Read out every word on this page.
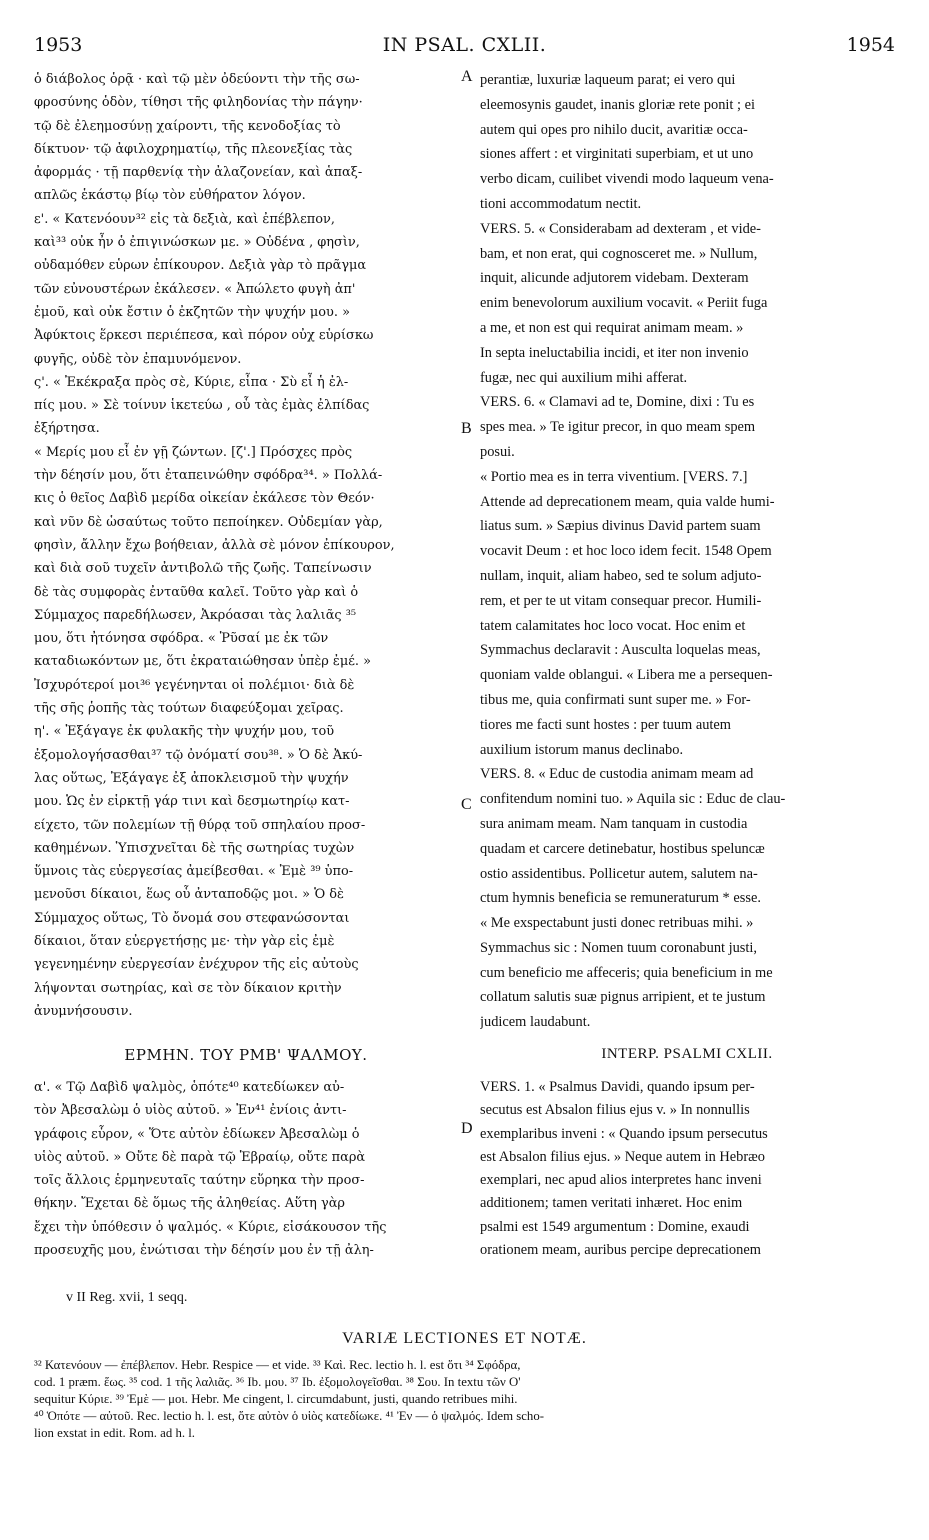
1953	IN PSAL. CXLII.	1954
ὁ διάβολος ὁρᾷ · καὶ τῷ μὲν ὀδεύοντι τὴν τῆς σω-
φροσύνης ὁδὸν, τίθησι τῆς φιληδονίας τὴν πάγην·
τῷ δὲ ἐλεημοσύνῃ χαίροντι, τῆς κενοδοξίας τὸ
δίκτυον· τῷ ἀφιλοχρηματίῳ, τῆς πλεονεξίας τὰς
ἀφορμάς · τῇ παρθενίᾳ τὴν ἀλαζονείαν, καὶ ἁπαξ-
απλῶς ἑκάστῳ βίῳ τὸν εὐθήρατον λόγον.
ε'. « Κατενόουν³² εἰς τὰ δεξιὰ, καὶ ἐπέβλεπον,
καὶ³³ οὐκ ἦν ὁ ἐπιγινώσκων με. » Οὐδένα , φησὶν,
οὐδαμόθεν εὑρων ἐπίκουρον. Δεξιὰ γὰρ τὸ πρᾶγμα
τῶν εὐνουστέρων ἐκάλεσεν. « Ἀπώλετο φυγὴ ἀπ'
ἐμοῦ, καὶ οὐκ ἔστιν ὁ ἐκζητῶν τὴν ψυχήν μου. »
Ἀφύκτοις ἕρκεσι περιέπεσα, καὶ πόρον οὐχ εὑρίσκω
φυγῆς, οὐδὲ τὸν ἐπαμυνόμενον.
ς'. « Ἐκέκραξα πρὸς σὲ, Κύριε, εἶπα · Σὺ εἶ ἡ ἐλ-
πίς μου. » Σὲ τοίνυν ἱκετεύω , οὗ τὰς ἐμὰς ἐλπίδας
ἐξήρτησα.
« Μερίς μου εἶ ἐν γῇ ζώντων. [ζ'.] Πρόσχες πρὸς
τὴν δέησίν μου, ὅτι ἐταπεινώθην σφόδρα³⁴. » Πολλά-
κις ὁ θεῖος Δαβὶδ μερίδα οἰκείαν ἐκάλεσε τὸν Θεόν·
καὶ νῦν δὲ ὡσαύτως τοῦτο πεποίηκεν. Οὐδεμίαν γὰρ,
φησὶν, ἄλλην ἔχω βοήθειαν, ἀλλὰ σὲ μόνον ἐπίκουρον,
καὶ διὰ σοῦ τυχεῖν ἀντιβολῶ τῆς ζωῆς. Ταπείνωσιν
δὲ τὰς συμφορὰς ἐνταῦθα καλεῖ. Τοῦτο γὰρ καὶ ὁ
Σύμμαχος παρεδήλωσεν, Ἀκρόασαι τὰς λαλιᾶς ³⁵
μου, ὅτι ἠτόνησα σφόδρα. « Ῥῦσαί με ἐκ τῶν
καταδιωκόντων με, ὅτι ἐκραταιώθησαν ὑπὲρ ἐμέ. »
Ἰσχυρότεροί μοι³⁶ γεγένηνται οἱ πολέμιοι· διὰ δὲ
τῆς σῆς ῥοπῆς τὰς τούτων διαφεύξομαι χεῖρας.
η'. « Ἐξάγαγε ἐκ φυλακῆς τὴν ψυχήν μου, τοῦ
ἐξομολογήσασθαι³⁷ τῷ ὀνόματί σου³⁸. » Ὁ δὲ Ἀκύ-
λας οὕτως, Ἐξάγαγε ἐξ ἀποκλεισμοῦ τὴν ψυχήν
μου. Ὡς ἐν εἱρκτῇ γάρ τινι καὶ δεσμωτηρίῳ κατ-
είχετο, τῶν πολεμίων τῇ θύρᾳ τοῦ σπηλαίου προσ-
καθημένων. Ὑπισχνεῖται δὲ τῆς σωτηρίας τυχὼν
ὕμνοις τὰς εὐεργεσίας ἀμείβεσθαι. « Ἐμὲ ³⁹ ὑπο-
μενοῦσι δίκαιοι, ἕως οὗ ἀνταποδῷς μοι. » Ὁ δὲ
Σύμμαχος οὕτως, Τὸ ὄνομά σου στεφανώσονται
δίκαιοι, ὅταν εὐεργετήσῃς με· τὴν γὰρ εἰς ἐμὲ
γεγενημένην εὐεργεσίαν ἐνέχυρον τῆς εἰς αὐτοὺς
λήψονται σωτηρίας, καὶ σε τὸν δίκαιον κριτὴν
ἀνυμνήσουσιν.
perantiæ, luxuriæ laqueum parat; ei vero qui
eleemosynis gaudet, inanis gloriæ rete ponit ; ei
autem qui opes pro nihilo ducit, avaritiæ occa-
siones affert : et virginitati superbiam, et ut uno
verbo dicam, cuilibet vivendi modo laqueum vena-
tioni accommodatum nectit.
VERS. 5. « Considerabam ad dexteram , et vide-
bam, et non erat, qui cognosceret me. » Nullum,
inquit, alicunde adjutorem videbam. Dexteram
enim benevolorum auxilium vocavit. « Periit fuga
a me, et non est qui requirat animam meam. »
In septa ineluctabilia incidi, et iter non invenio
fugæ, nec qui auxilium mihi afferat.
VERS. 6. « Clamavi ad te, Domine, dixi : Tu es
spes mea. » Te igitur precor, in quo meam spem
posui.
« Portio mea es in terra viventium. [VERS. 7.]
Attende ad deprecationem meam, quia valde humi-
liatus sum. » Sæpius divinus David partem suam
vocavit Deum : et hoc loco idem fecit. 1548 Opem
nullam, inquit, aliam habeo, sed te solum adjuto-
rem, et per te ut vitam consequar precor. Humili-
tatem calamitates hoc loco vocat. Hoc enim et
Symmachus declaravit : Ausculta loquelas meas,
quoniam valde oblangui. « Libera me a persequen-
tibus me, quia confirmati sunt super me. » For-
tiores me facti sunt hostes : per tuum autem
auxilium istorum manus declinabo.
VERS. 8. « Educ de custodia animam meam ad
confitendum nomini tuo. » Aquila sic : Educ de clau-
sura animam meam. Nam tanquam in custodia
quadam et carcere detinebatur, hostibus speluncæ
ostio assidentibus. Pollicetur autem, salutem na-
ctum hymnis beneficia se remuneraturum * esse.
« Me exspectabunt justi donec retribuas mihi. »
Symmachus sic : Nomen tuum coronabunt justi,
cum beneficio me affeceris; quia beneficium in me
collatum salutis suæ pignus arripient, et te justum
judicem laudabunt.
A
B
C
D
ΕΡΜΗΝ. ΤΟΥ ΡΜΒ' ΨΑΛΜΟΥ.	INTERP. PSALMI CXLII.
α'. « Τῷ Δαβὶδ ψαλμὸς, ὁπότε⁴⁰ κατεδίωκεν αὐ-
τὸν Ἀβεσαλὼμ ὁ υἱὸς αὐτοῦ. » Ἐν⁴¹ ἐνίοις ἀντι-
γράφοις εὗρον, « Ὅτε αὐτὸν ἐδίωκεν Ἀβεσαλὼμ ὁ
υἱὸς αὐτοῦ. » Οὔτε δὲ παρὰ τῷ Ἑβραίῳ, οὔτε παρὰ
τοῖς ἄλλοις ἑρμηνευταῖς ταύτην εὕρηκα τὴν προσ-
θήκην. Ἔχεται δὲ ὅμως τῆς ἀληθείας. Αὕτη γὰρ
ἔχει τὴν ὑπόθεσιν ὁ ψαλμός. « Κύριε, εἰσάκουσον τῆς
προσευχῆς μου, ἐνώτισαι τὴν δέησίν μου ἐν τῇ ἀλη-
VERS. 1. « Psalmus Davidi, quando ipsum per-
secutus est Absalon filius ejus v. » In nonnullis
exemplaribus inveni : « Quando ipsum persecutus
est Absalon filius ejus. » Neque autem in Hebræo
exemplari, nec apud alios interpretes hanc inveni
additionem; tamen veritati inhæret. Hoc enim
psalmi est 1549 argumentum : Domine, exaudi
orationem meam, auribus percipe deprecationem
v II Reg. xvii, 1 seqq.
VARIÆ LECTIONES ET NOTÆ.
³² Κατενόουν — ἐπέβλεπον. Hebr. Respice — et vide. ³³ Καὶ. Rec. lectio h. l. est ὅτι ³⁴ Σφόδρα,
cod. 1 præm. ἕως. ³⁵ cod. 1 τῆς λαλιᾶς. ³⁶ Ib. μου. ³⁷ Ib. ἐξομολογεῖσθαι. ³⁸ Σου. In textu τῶν Ο'
sequitur Κύριε. ³⁹ Ἐμὲ — μοι. Hebr. Me cingent, l. circumdabunt, justi, quando retribues mihi.
⁴⁰ Ὁπότε — αὐτοῦ. Rec. lectio h. l. est, ὅτε αὐτὸν ὁ υἱὸς κατεδίωκε. ⁴¹ Ἐν — ὁ ψαλμός. Idem scho-
lion exstat in edit. Rom. ad h. l.
